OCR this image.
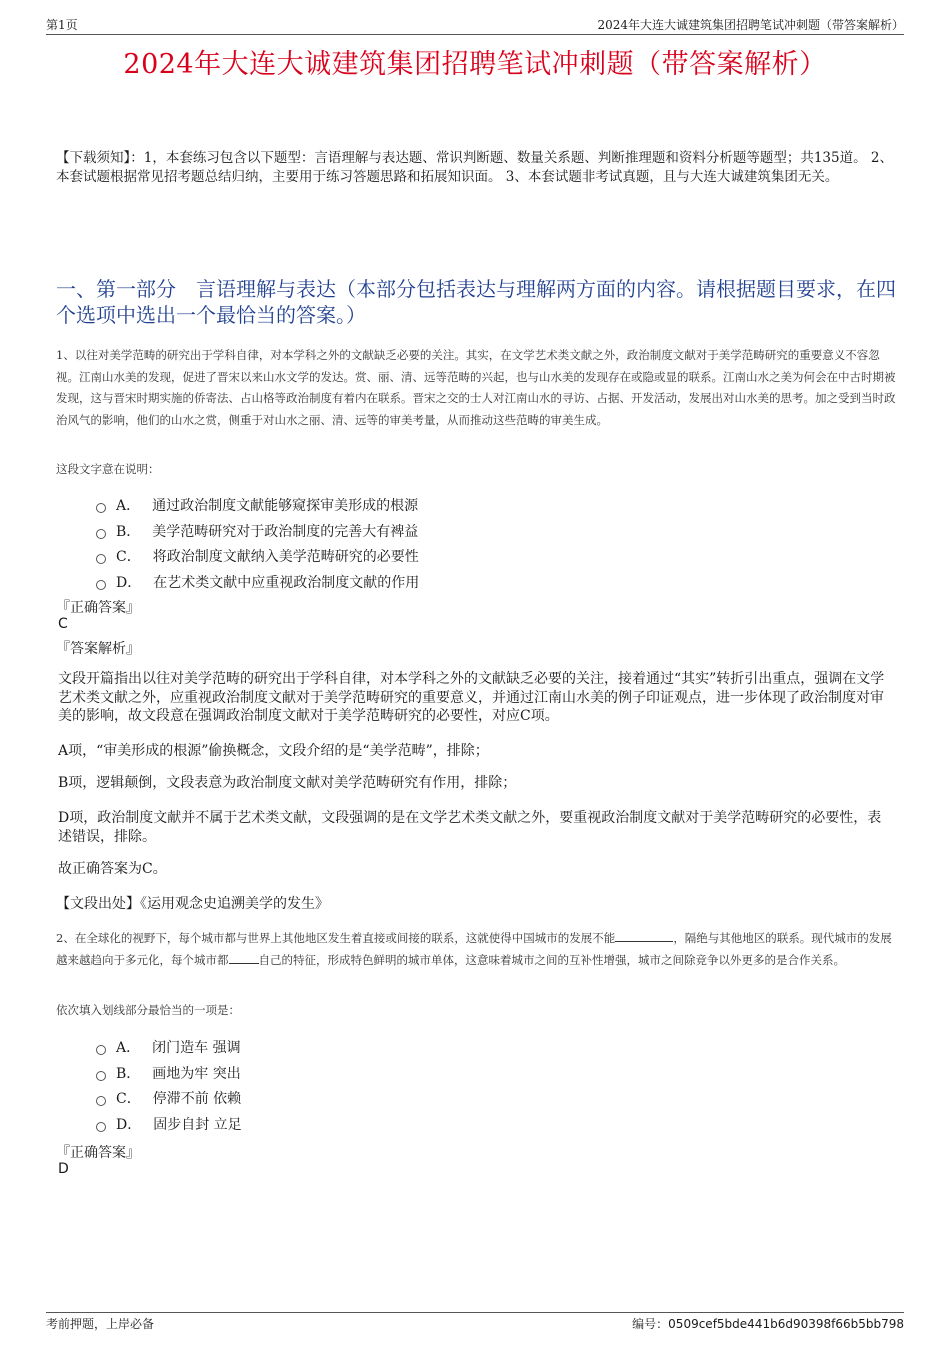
第1页	2024年大连大诚建筑集团招聘笔试冲刺题（带答案解析）
2024年大连大诚建筑集团招聘笔试冲刺题（带答案解析）
【下载须知】：1，本套练习包含以下题型：言语理解与表达题、常识判断题、数量关系题、判断推理题和资料分析题等题型；共135道。 2、本套试题根据常见招考题总结归纳，主要用于练习答题思路和拓展知识面。 3、本套试题非考试真题，且与大连大诚建筑集团无关。
一、第一部分　言语理解与表达（本部分包括表达与理解两方面的内容。请根据题目要求，在四个选项中选出一个最恰当的答案。）
1、以往对美学范畴的研究出于学科自律，对本学科之外的文献缺乏必要的关注。其实，在文学艺术类文献之外，政治制度文献对于美学范畴研究的重要意义不容忽视。江南山水美的发现，促进了晋宋以来山水文学的发达。赏、丽、清、远等范畴的兴起，也与山水美的发现存在或隐或显的联系。江南山水之美为何会在中古时期被发现，这与晋宋时期实施的侨寄法、占山格等政治制度有着内在联系。晋宋之交的士人对江南山水的寻访、占据、开发活动，发展出对山水美的思考。加之受到当时政治风气的影响，他们的山水之赏，侧重于对山水之丽、清、远等的审美考量，从而推动这些范畴的审美生成。
这段文字意在说明：
A． 通过政治制度文献能够窥探审美形成的根源
B． 美学范畴研究对于政治制度的完善大有裨益
C． 将政治制度文献纳入美学范畴研究的必要性
D． 在艺术类文献中应重视政治制度文献的作用
『正确答案』
C
『答案解析』
文段开篇指出以往对美学范畴的研究出于学科自律，对本学科之外的文献缺乏必要的关注，接着通过“其实”转折引出重点，强调在文学艺术类文献之外，应重视政治制度文献对于美学范畴研究的重要意义，并通过江南山水美的例子印证观点，进一步体现了政治制度对审美的影响，故文段意在强调政治制度文献对于美学范畴研究的必要性，对应C项。
A项，“审美形成的根源”偷换概念，文段介绍的是“美学范畴”，排除；
B项，逻辑颠倒，文段表意为政治制度文献对美学范畴研究有作用，排除；
D项，政治制度文献并不属于艺术类文献，文段强调的是在文学艺术类文献之外，要重视政治制度文献对于美学范畴研究的必要性，表述错误，排除。
故正确答案为C。
【文段出处】《运用观念史追溯美学的发生》
2、在全球化的视野下，每个城市都与世界上其他地区发生着直接或间接的联系，这就使得中国城市的发展不能	，隔绝与其他地区的联系。现代城市的发展越来越趋向于多元化，每个城市都	自己的特征，形成特色鲜明的城市单体，这意味着城市之间的互补性增强，城市之间除竞争以外更多的是合作关系。
依次填入划线部分最恰当的一项是：
A． 闭门造车 强调
B． 画地为牢 突出
C． 停滞不前 依赖
D． 固步自封 立足
『正确答案』
D
考前押题，上岸必备	编号：0509cef5bde441b6d90398f66b5bb798
